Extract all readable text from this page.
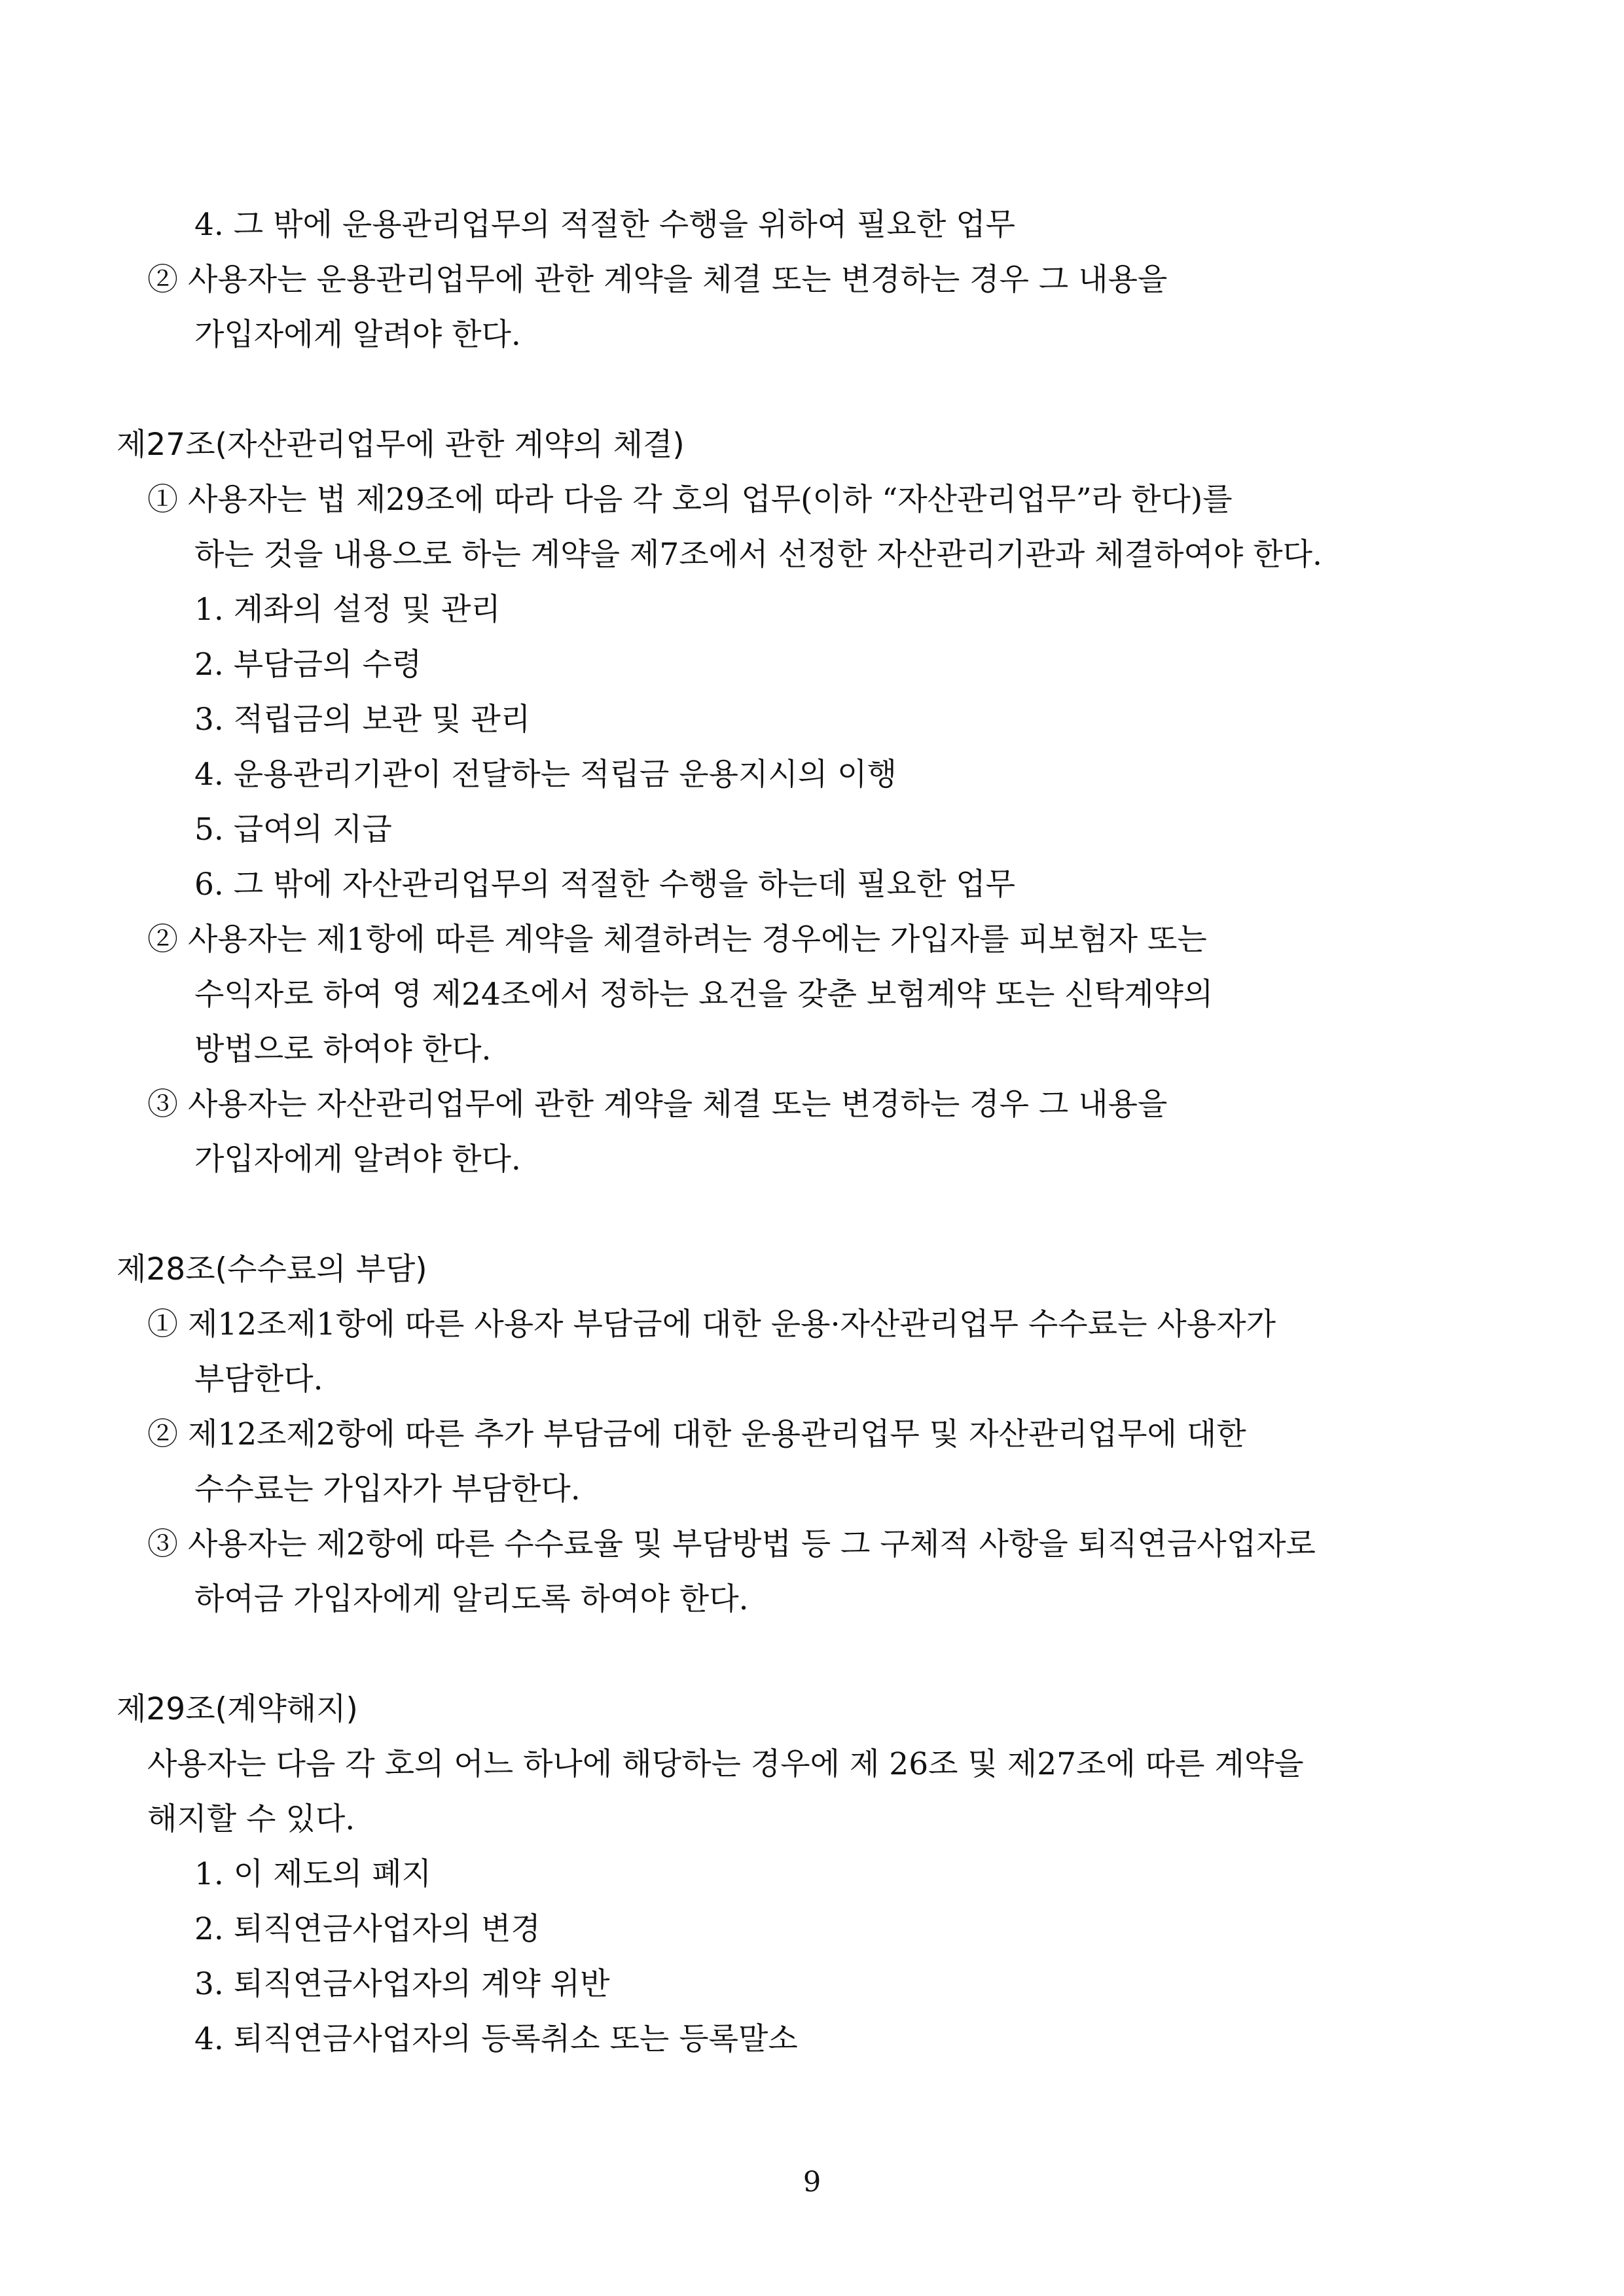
4. 그 밖에 운용관리업무의 적절한 수행을 위하여 필요한 업무
② 사용자는 운용관리업무에 관한 계약을 체결 또는 변경하는 경우 그 내용을
가입자에게 알려야 한다.
제27조(자산관리업무에 관한 계약의 체결)
① 사용자는 법 제29조에 따라 다음 각 호의 업무(이하 “자산관리업무”라 한다)를
하는 것을 내용으로 하는 계약을 제7조에서 선정한 자산관리기관과 체결하여야 한다.
1. 계좌의 설정 및 관리
2. 부담금의 수령
3. 적립금의 보관 및 관리
4. 운용관리기관이 전달하는 적립금 운용지시의 이행
5. 급여의 지급
6. 그 밖에 자산관리업무의 적절한 수행을 하는데 필요한 업무
② 사용자는 제1항에 따른 계약을 체결하려는 경우에는 가입자를 피보험자 또는
수익자로 하여 영 제24조에서 정하는 요건을 갖춘 보험계약 또는 신탁계약의
방법으로 하여야 한다.
③ 사용자는 자산관리업무에 관한 계약을 체결 또는 변경하는 경우 그 내용을
가입자에게 알려야 한다.
제28조(수수료의 부담)
① 제12조제1항에 따른 사용자 부담금에 대한 운용·자산관리업무 수수료는 사용자가
부담한다.
② 제12조제2항에 따른 추가 부담금에 대한 운용관리업무 및 자산관리업무에 대한
수수료는 가입자가 부담한다.
③ 사용자는 제2항에 따른 수수료율 및 부담방법 등 그 구체적 사항을 퇴직연금사업자로
하여금 가입자에게 알리도록 하여야 한다.
제29조(계약해지)
사용자는 다음 각 호의 어느 하나에 해당하는 경우에 제 26조 및 제27조에 따른 계약을
해지할 수 있다.
1. 이 제도의 폐지
2. 퇴직연금사업자의 변경
3. 퇴직연금사업자의 계약 위반
4. 퇴직연금사업자의 등록취소 또는 등록말소
9
